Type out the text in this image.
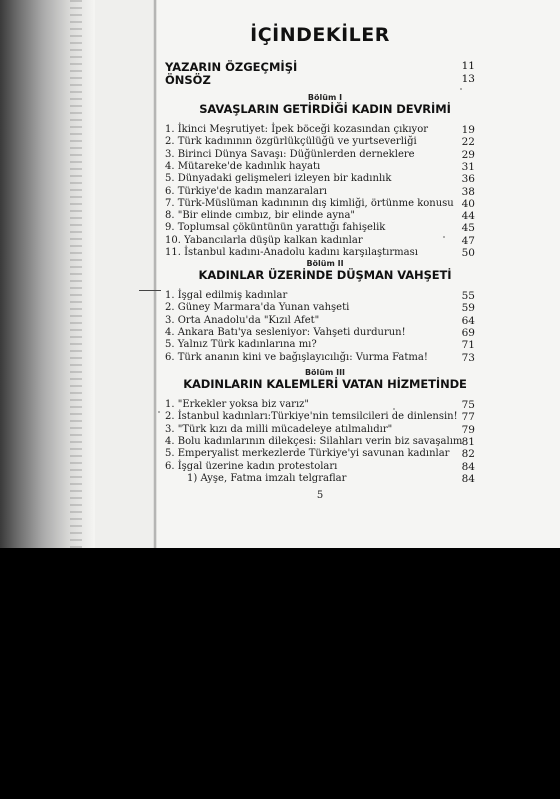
İÇİNDEKİLER
YAZARIN ÖZGEÇMİŞİ	11
ÖNSÖZ	13
Bölüm I
SAVAŞLARIN GETİRDİĞİ KADIN DEVRİMİ
1. İkinci Meşrutiyet: İpek böceği kozasından çıkıyor	19
2. Türk kadınının özgürlükçülüğü ve yurtseverliği	22
3. Birinci Dünya Savaşı: Düğünlerden derneklere	29
4. Mütareke'de kadınlık hayatı	31
5. Dünyadaki gelişmeleri izleyen bir kadınlık	36
6. Türkiye'de kadın manzaraları	38
7. Türk-Müslüman kadınının dış kimliği, örtünme konusu 40
8. "Bir elinde cımbız, bir elinde ayna"	44
9. Toplumsal çöküntünün yarattığı fahişelik	45
10. Yabancılarla düşüp kalkan kadınlar	47
11. İstanbul kadını-Anadolu kadını karşılaştırması	50
Bölüm II
KADINLAR ÜZERİNDE DÜŞMAN VAHŞETİ
1. İşgal edilmiş kadınlar	55
2. Güney Marmara'da Yunan vahşeti	59
3. Orta Anadolu'da "Kızıl Afet"	64
4. Ankara Batı'ya sesleniyor: Vahşeti durdurun!	69
5. Yalnız Türk kadınlarına mı?	71
6. Türk ananın kini ve bağışlayıcılığı: Vurma Fatma!	73
Bölüm III
KADINLARIN KALEMLERİ VATAN HİZMETİNDE
1. "Erkekler yoksa biz varız"	75
2. İstanbul kadınları:Türkiye'nin temsilcileri de dinlensin! 77
3. "Türk kızı da milli mücadeleye atılmalıdır"	79
4. Bolu kadınlarının dilekçesi: Silahları verin biz savaşalım 81
5. Emperyalist merkezlerde Türkiye'yi savunan kadınlar 82
6. İşgal üzerine kadın protestoları	84
1) Ayşe, Fatma imzalı telgraflar	84
5
